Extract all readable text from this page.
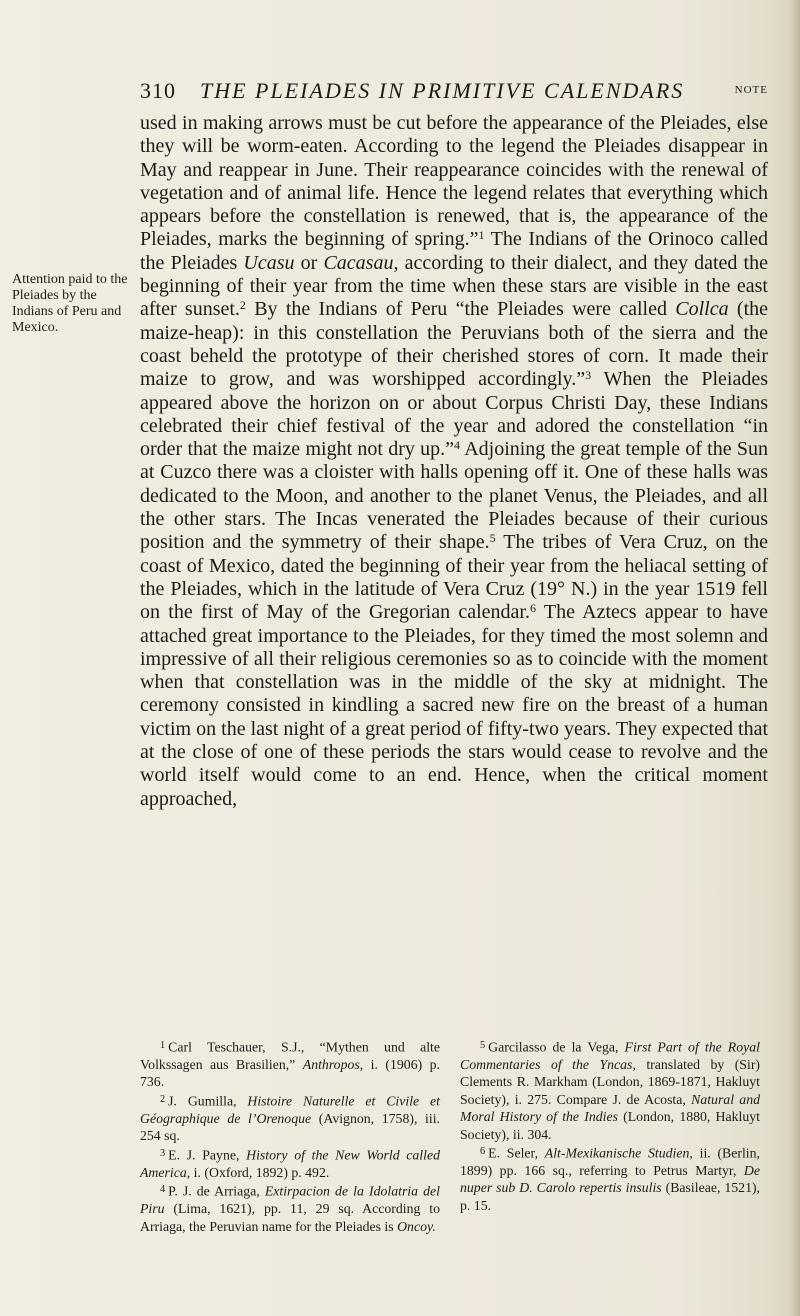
310 THE PLEIADES IN PRIMITIVE CALENDARS	NOTE
Attention paid to the Pleiades by the Indians of Peru and Mexico.

used in making arrows must be cut before the appearance of the Pleiades, else they will be worm-eaten. According to the legend the Pleiades disappear in May and reappear in June. Their reappearance coincides with the renewal of vegetation and of animal life. Hence the legend relates that everything which appears before the constellation is renewed, that is, the appearance of the Pleiades, marks the beginning of spring.”$^1$ The Indians of the Orinoco called the Pleiades Ucasu or Cacasau, according to their dialect, and they dated the beginning of their year from the time when these stars are visible in the east after sunset.$^2$ By the Indians of Peru “the Pleiades were called Collca (the maize-heap): in this constellation the Peruvians both of the sierra and the coast beheld the prototype of their cherished stores of corn. It made their maize to grow, and was worshipped accordingly.”$^3$ When the Pleiades appeared above the horizon on or about Corpus Christi Day, these Indians celebrated their chief festival of the year and adored the constellation “in order that the maize might not dry up.”$^4$ Adjoining the great temple of the Sun at Cuzco there was a cloister with halls opening off it. One of these halls was dedicated to the Moon, and another to the planet Venus, the Pleiades, and all the other stars. The Incas venerated the Pleiades because of their curious position and the symmetry of their shape.$^5$ The tribes of Vera Cruz, on the coast of Mexico, dated the beginning of their year from the heliacal setting of the Pleiades, which in the latitude of Vera Cruz (19° N.) in the year 1519 fell on the first of May of the Gregorian calendar.$^6$ The Aztecs appear to have attached great importance to the Pleiades, for they timed the most solemn and impressive of all their religious ceremonies so as to coincide with the moment when that constellation was in the middle of the sky at midnight. The ceremony consisted in kindling a sacred new fire on the breast of a human victim on the last night of a great period of fifty-two years. They expected that at the close of one of these periods the stars would cease to revolve and the world itself would come to an end. Hence, when the critical moment approached,

$^1$ Carl Teschauer, S.J., “Mythen und alte Volkssagen aus Brasilien,” Anthropos, i. (1906) p. 736.

$^2$ J. Gumilla, Histoire Naturelle et Civile et Géographique de l’Orenoque (Avignon, 1758), iii. 254 sq.

$^3$ E. J. Payne, History of the New World called America, i. (Oxford, 1892) p. 492.

$^4$ P. J. de Arriaga, Extirpacion de la Idolatria del Piru (Lima, 1621), pp. 11, 29 sq. According to Arriaga, the Peruvian name for the Pleiades is Oncoy.

$^5$ Garcilasso de la Vega, First Part of the Royal Commentaries of the Yncas, translated by (Sir) Clements R. Markham (London, 1869-1871, Hakluyt Society), i. 275. Compare J. de Acosta, Natural and Moral History of the Indies (London, 1880, Hakluyt Society), ii. 304.

$^6$ E. Seler, Alt-Mexikanische Studien, ii. (Berlin, 1899) pp. 166 sq., referring to Petrus Martyr, De nuper sub D. Carolo repertis insulis (Basileae, 1521), p. 15.
